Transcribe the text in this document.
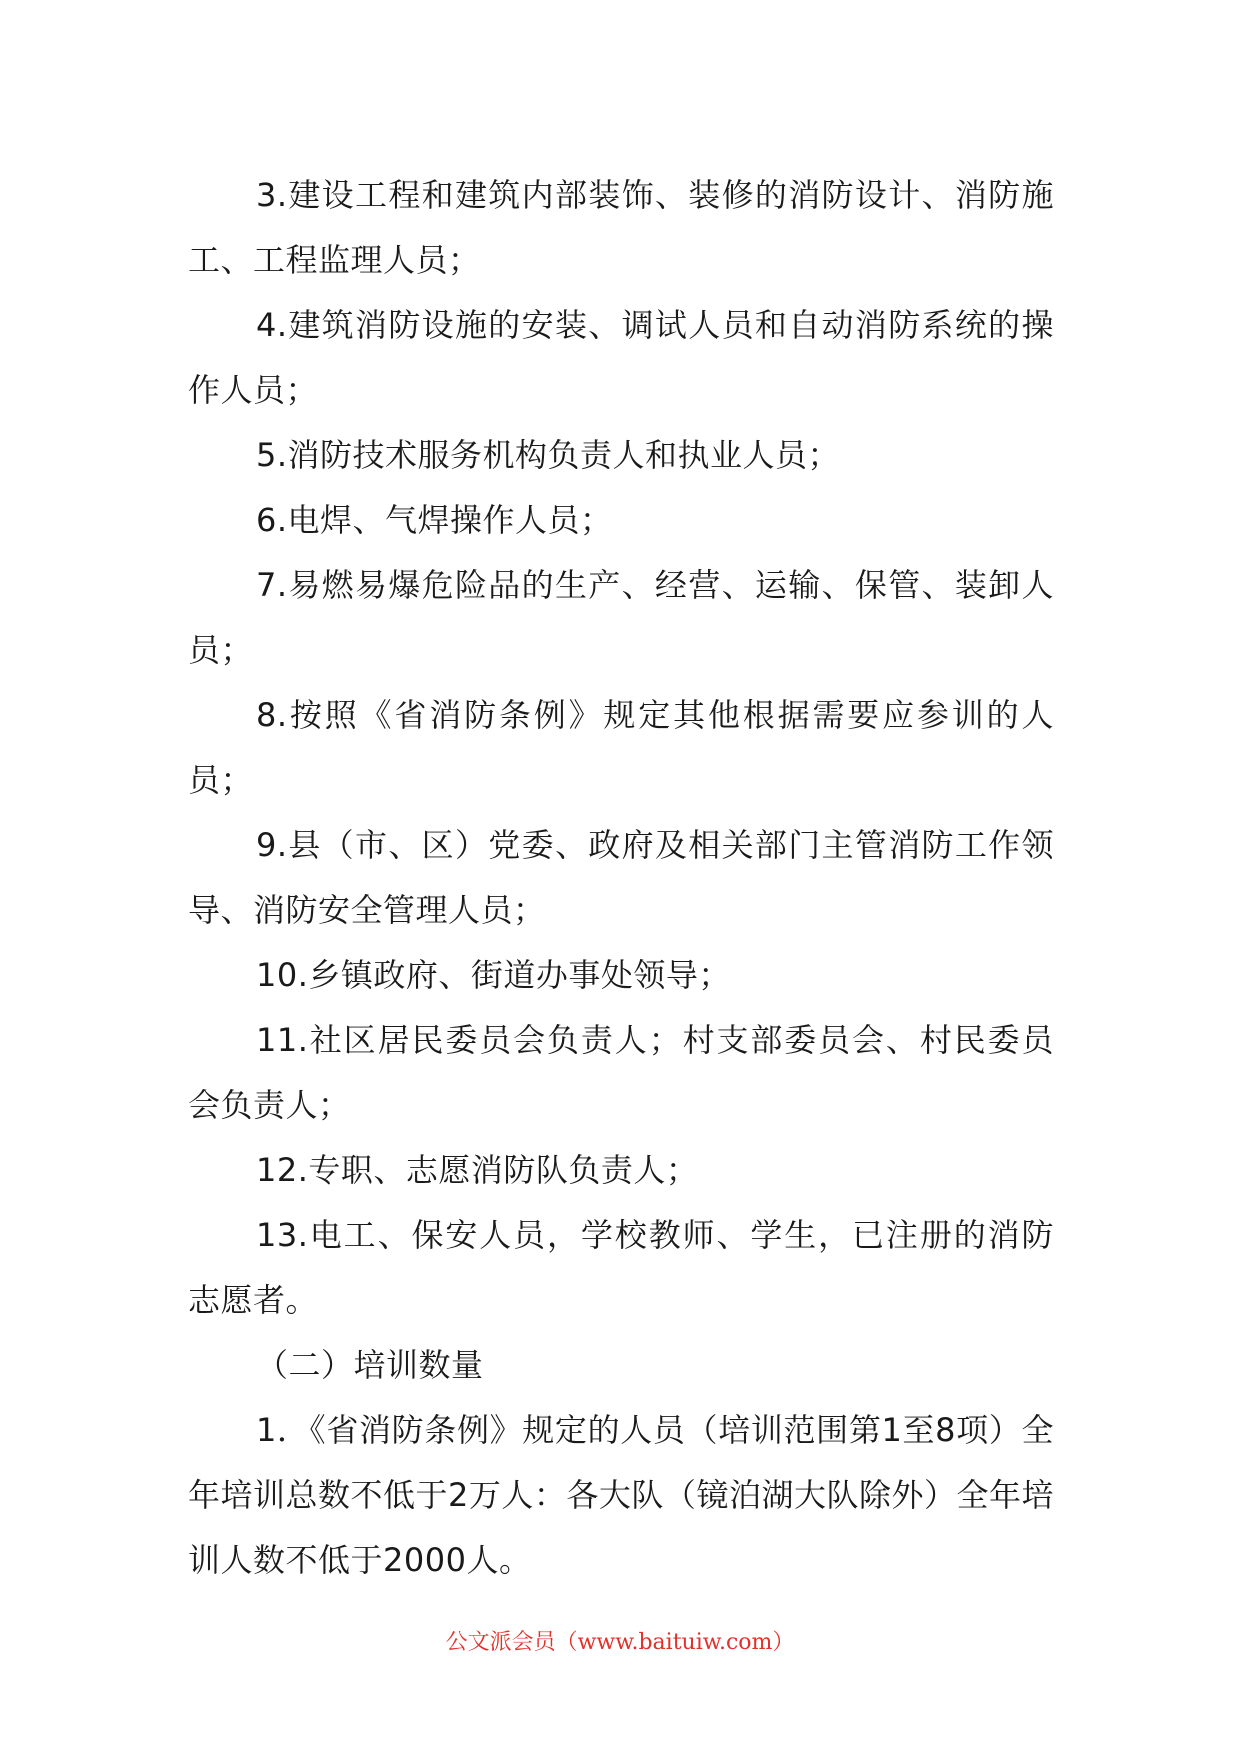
3.建设工程和建筑内部装饰、装修的消防设计、消防施工、工程监理人员；

4.建筑消防设施的安装、调试人员和自动消防系统的操作人员；

5.消防技术服务机构负责人和执业人员；

6.电焊、气焊操作人员；

7.易燃易爆危险品的生产、经营、运输、保管、装卸人员；

8.按照《省消防条例》规定其他根据需要应参训的人员；

9.县（市、区）党委、政府及相关部门主管消防工作领导、消防安全管理人员；

10.乡镇政府、街道办事处领导；

11.社区居民委员会负责人；村支部委员会、村民委员会负责人；

12.专职、志愿消防队负责人；

13.电工、保安人员，学校教师、学生，已注册的消防志愿者。

（二）培训数量

1．《省消防条例》规定的人员（培训范围第1至8项）全年培训总数不低于2万人：各大队（镜泊湖大队除外）全年培训人数不低于2000人。

公文派会员（www.baituiw.com）
